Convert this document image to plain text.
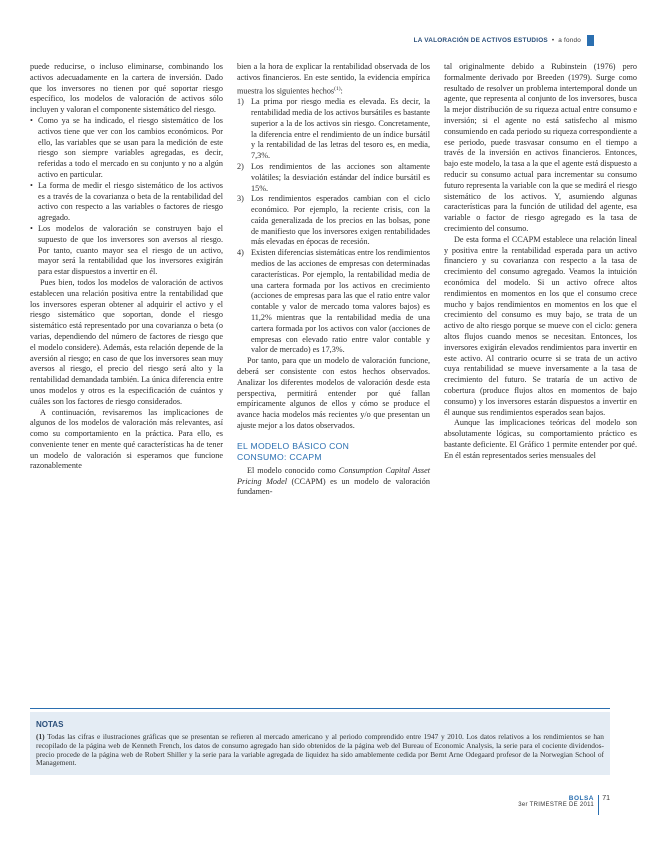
LA VALORACIÓN DE ACTIVOS ESTUDIOS • a fondo

puede reducirse, o incluso eliminarse, combinando los activos adecuadamente en la cartera de inversión. Dado que los inversores no tienen por qué soportar riesgo específico, los modelos de valoración de activos sólo incluyen y valoran el componente sistemático del riesgo.

• Como ya se ha indicado, el riesgo sistemático de los activos tiene que ver con los cambios económicos. Por ello, las variables que se usan para la medición de este riesgo son siempre variables agregadas, es decir, referidas a todo el mercado en su conjunto y no a algún activo en particular.
• La forma de medir el riesgo sistemático de los activos es a través de la covarianza o beta de la rentabilidad del activo con respecto a las variables o factores de riesgo agregado.
• Los modelos de valoración se construyen bajo el supuesto de que los inversores son aversos al riesgo. Por tanto, cuanto mayor sea el riesgo de un activo, mayor será la rentabilidad que los inversores exigirán para estar dispuestos a invertir en él.

Pues bien, todos los modelos de valoración de activos establecen una relación positiva entre la rentabilidad que los inversores esperan obtener al adquirir el activo y el riesgo sistemático que soportan, donde el riesgo sistemático está representado por una covarianza o beta (o varias, dependiendo del número de factores de riesgo que el modelo considere). Además, esta relación depende de la aversión al riesgo; en caso de que los inversores sean muy aversos al riesgo, el precio del riesgo será alto y la rentabilidad demandada también. La única diferencia entre unos modelos y otros es la especificación de cuántos y cuáles son los factores de riesgo considerados.

A continuación, revisaremos las implicaciones de algunos de los modelos de valoración más relevantes, así como su comportamiento en la práctica. Para ello, es conveniente tener en mente qué características ha de tener un modelo de valoración si esperamos que funcione razonablemente

bien a la hora de explicar la rentabilidad observada de los activos financieros. En este sentido, la evidencia empírica muestra los siguientes hechos$^{(1)}$:

1) La prima por riesgo media es elevada. Es decir, la rentabilidad media de los activos bursátiles es bastante superior a la de los activos sin riesgo. Concretamente, la diferencia entre el rendimiento de un índice bursátil y la rentabilidad de las letras del tesoro es, en media, 7,3%.
2) Los rendimientos de las acciones son altamente volátiles; la desviación estándar del índice bursátil es 15%.
3) Los rendimientos esperados cambian con el ciclo económico. Por ejemplo, la reciente crisis, con la caída generalizada de los precios en las bolsas, pone de manifiesto que los inversores exigen rentabilidades más elevadas en épocas de recesión.
4) Existen diferencias sistemáticas entre los rendimientos medios de las acciones de empresas con determinadas características. Por ejemplo, la rentabilidad media de una cartera formada por los activos en crecimiento (acciones de empresas para las que el ratio entre valor contable y valor de mercado toma valores bajos) es 11,2% mientras que la rentabilidad media de una cartera formada por los activos con valor (acciones de empresas con elevado ratio entre valor contable y valor de mercado) es 17,3%.

Por tanto, para que un modelo de valoración funcione, deberá ser consistente con estos hechos observados. Analizar los diferentes modelos de valoración desde esta perspectiva, permitirá entender por qué fallan empíricamente algunos de ellos y cómo se produce el avance hacia modelos más recientes y/o que presentan un ajuste mejor a los datos observados.

EL MODELO BÁSICO CON
CONSUMO: CCAPM

El modelo conocido como Consumption Capital Asset Pricing Model (CCAPM) es un modelo de valoración fundamen-

tal originalmente debido a Rubinstein (1976) pero formalmente derivado por Breeden (1979). Surge como resultado de resolver un problema intertemporal donde un agente, que representa al conjunto de los inversores, busca la mejor distribución de su riqueza actual entre consumo e inversión; si el agente no está satisfecho al mismo consumiendo en cada periodo su riqueza correspondiente a ese periodo, puede trasvasar consumo en el tiempo a través de la inversión en activos financieros. Entonces, bajo este modelo, la tasa a la que el agente está dispuesto a reducir su consumo actual para incrementar su consumo futuro representa la variable con la que se medirá el riesgo sistemático de los activos. Y, asumiendo algunas características para la función de utilidad del agente, esa variable o factor de riesgo agregado es la tasa de crecimiento del consumo.

De esta forma el CCAPM establece una relación lineal y positiva entre la rentabilidad esperada para un activo financiero y su covarianza con respecto a la tasa de crecimiento del consumo agregado. Veamos la intuición económica del modelo. Si un activo ofrece altos rendimientos en momentos en los que el consumo crece mucho y bajos rendimientos en momentos en los que el crecimiento del consumo es muy bajo, se trata de un activo de alto riesgo porque se mueve con el ciclo: genera altos flujos cuando menos se necesitan. Entonces, los inversores exigirán elevados rendimientos para invertir en este activo. Al contrario ocurre si se trata de un activo cuya rentabilidad se mueve inversamente a la tasa de crecimiento del futuro. Se trataría de un activo de cobertura (produce flujos altos en momentos de bajo consumo) y los inversores estarán dispuestos a invertir en él aunque sus rendimientos esperados sean bajos.

Aunque las implicaciones teóricas del modelo son absolutamente lógicas, su comportamiento práctico es bastante deficiente. El Gráfico 1 permite entender por qué. En él están representados series mensuales del

NOTAS
(1) Todas las cifras e ilustraciones gráficas que se presentan se refieren al mercado americano y al periodo comprendido entre 1947 y 2010. Los datos relativos a los rendimientos se han recopilado de la página web de Kenneth French, los datos de consumo agregado han sido obtenidos de la página web del Bureau of Economic Analysis, la serie para el cociente dividendos-precio procede de la página web de Robert Shiller y la serie para la variable agregada de liquidez ha sido amablemente cedida por Bernt Arne Odegaard profesor de la Norwegian School of Management.
BOLSA
3er TRIMESTRE DE 2011
71
